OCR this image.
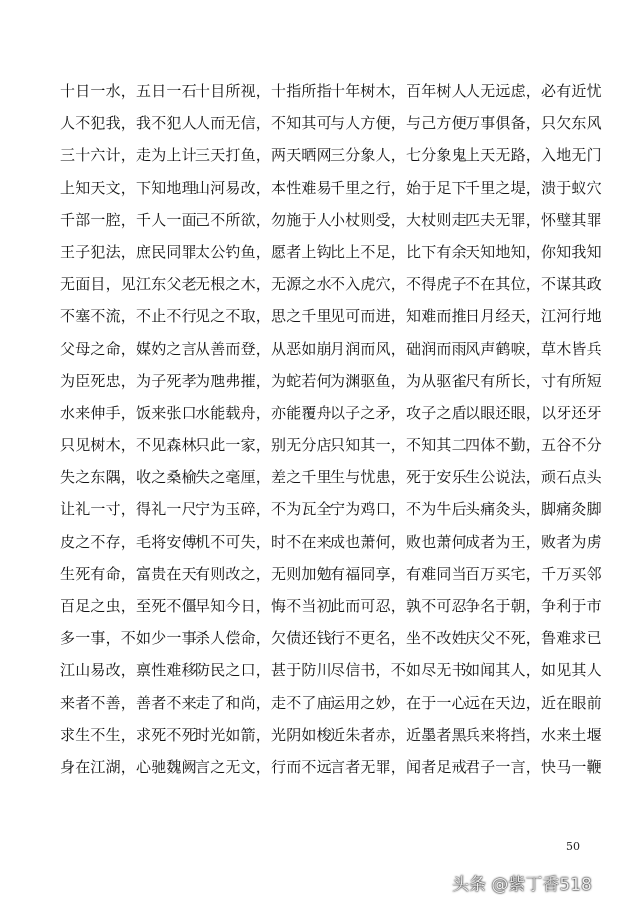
十日一水，五日一石
十目所视，十指所指
十年树木，百年树人
人无远虑，必有近忧
人不犯我，我不犯人
人而无信，不知其可
与人方便，与己方便
万事俱备，只欠东风
三十六计，走为上计
三天打鱼，两天晒网
三分象人，七分象鬼
上天无路，入地无门
上知天文，下知地理
山河易改，本性难易
千里之行，始于足下
千里之堤，溃于蚁穴
千部一腔，千人一面
己不所欲，勿施于人
小杖则受，大杖则走
匹夫无罪，怀璧其罪
王子犯法，庶民同罪
太公钓鱼，愿者上钩
比上不足，比下有余
天知地知，你知我知
无面目，见江东父老
无根之木，无源之水
不入虎穴，不得虎子
不在其位，不谋其政
不塞不流，不止不行
见之不取，思之千里
见可而进，知难而推
日月经天，江河行地
父母之命，媒妁之言
从善而登，从恶如崩
月润而风，础润而雨
风声鹤唳，草木皆兵
为臣死忠，为子死孝
为虺弗摧，为蛇若何
为渊驱鱼，为从驱雀
尺有所长，寸有所短
水来伸手，饭来张口
水能载舟，亦能覆舟
以子之矛，攻子之盾
以眼还眼，以牙还牙
只见树木，不见森林
只此一家，别无分店
只知其一，不知其二
四体不勤，五谷不分
失之东隅，收之桑榆
失之毫厘，差之千里
生与忧患，死于安乐
生公说法，顽石点头
让礼一寸，得礼一尺
宁为玉碎，不为瓦全
宁为鸡口，不为牛后
头痛灸头，脚痛灸脚
皮之不存，毛将安傅
机不可失，时不在来
成也萧何，败也萧何
成者为王，败者为虏
生死有命，富贵在天
有则改之，无则加勉
有福同享，有难同当
百万买宅，千万买邻
百足之虫，至死不僵
早知今日，悔不当初
此而可忍，孰不可忍
争名于朝，争利于市
多一事，不如少一事
杀人偿命，欠债还钱
行不更名，坐不改姓
庆父不死，鲁难求已
江山易改，禀性难移
防民之口，甚于防川
尽信书，不如尽无书
如闻其人，如见其人
来者不善，善者不来
走了和尚，走不了庙
运用之妙，在于一心
远在天边，近在眼前
求生不生，求死不死
时光如箭，光阴如梭
近朱者赤，近墨者黑
兵来将挡，水来土堰
身在江湖，心驰魏阙
言之无文，行而不远
言者无罪，闻者足戒
君子一言，快马一鞭
50
头条 @紫丁香518
